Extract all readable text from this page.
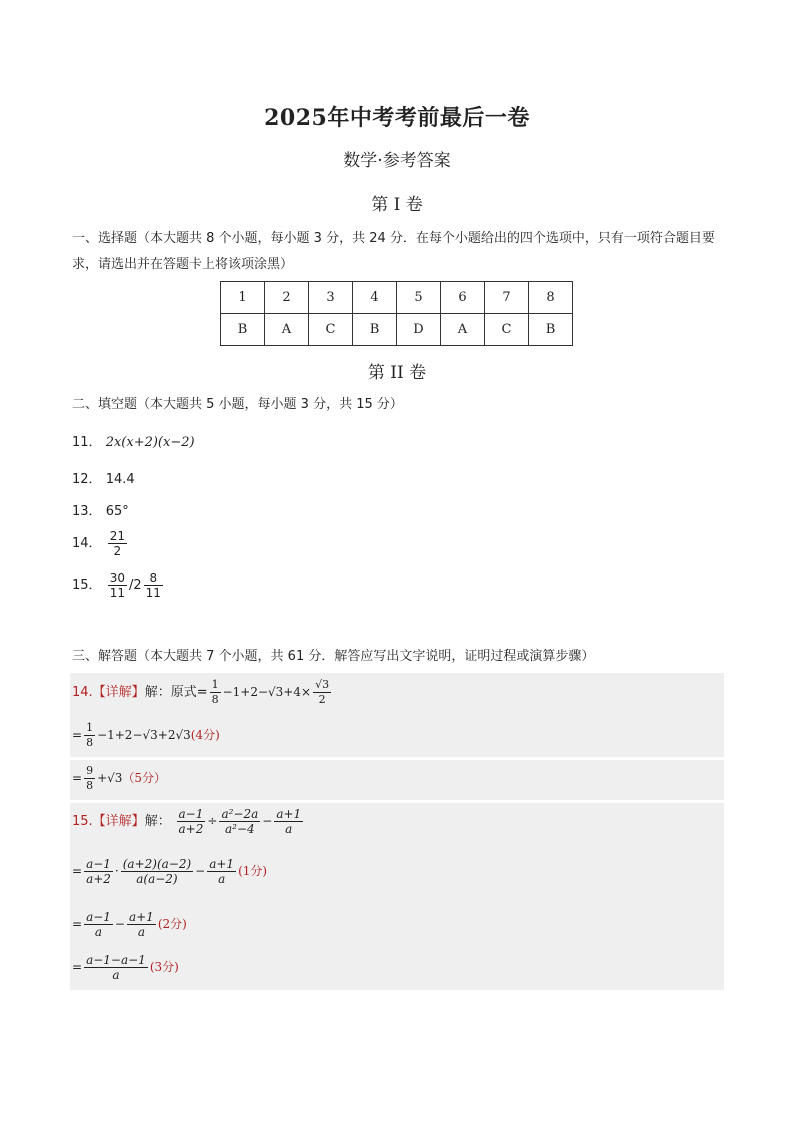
2025年中考考前最后一卷
数学·参考答案
第 I 卷
一、选择题（本大题共 8 个小题，每小题 3 分，共 24 分．在每个小题给出的四个选项中，只有一项符合题目要求，请选出并在答题卡上将该项涂黑）
1	2	3	4	5	6	7	8
B	A	C	B	D	A	C	B
第 II 卷
二、填空题（本大题共 5 小题，每小题 3 分，共 15 分）
11． 2x(x+2)(x−2)
12． 14.4
13． 65°
14． $\frac{21}{2}$
15． $\frac{30}{11} /2 \frac{8}{11}$
三、解答题（本大题共 7 个小题，共 61 分．解答应写出文字说明，证明过程或演算步骤）
14.【详解】解：原式= $\frac{1}{8} -1+2-√3+4\times \frac{√3}{2}$
= $\frac{1}{8} -1+2-√3+2√3(4$分)
= $\frac{9}{8} +√3(5$分）
15.【详解】解： $\frac{a-1}{a+2} \div \frac{\text{a²−2a}}{\text{a²−4}} - \frac{a+1}{a}$
= $\frac{a-1}{a+2} \cdot \frac{(a+2)(a-2)}{a(a-2)} - \frac{a+1}{a} (1$分)
= $\frac{a-1}{a} - \frac{a+1}{a} (2$分)
= $\frac{a-1-a-1}{a} (3$分)
